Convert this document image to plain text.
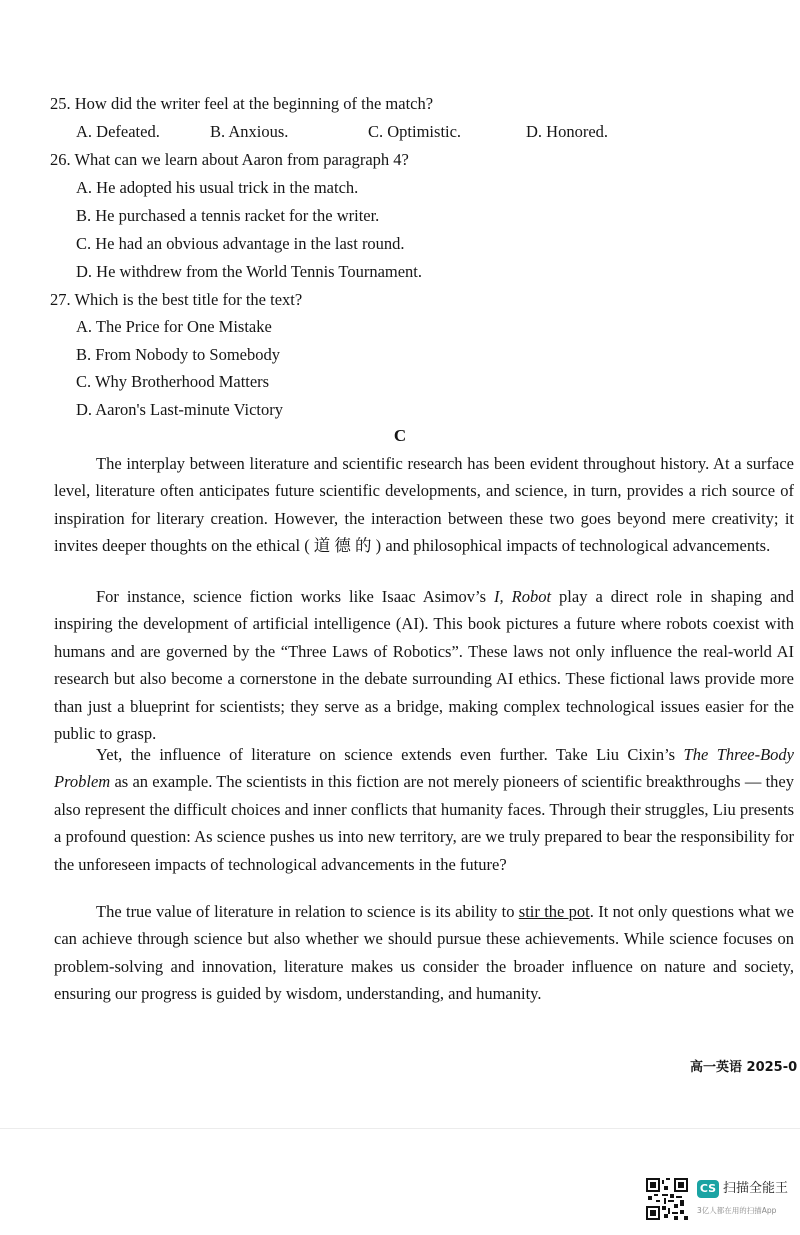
25. How did the writer feel at the beginning of the match?
A. Defeated.	B. Anxious.	C. Optimistic.	D. Honored.
26. What can we learn about Aaron from paragraph 4?
A. He adopted his usual trick in the match.
B. He purchased a tennis racket for the writer.
C. He had an obvious advantage in the last round.
D. He withdrew from the World Tennis Tournament.
27. Which is the best title for the text?
A. The Price for One Mistake
B. From Nobody to Somebody
C. Why Brotherhood Matters
D. Aaron's Last-minute Victory
C

The interplay between literature and scientific research has been evident throughout history. At a surface level, literature often anticipates future scientific developments, and science, in turn, provides a rich source of inspiration for literary creation. However, the interaction between these two goes beyond mere creativity; it invites deeper thoughts on the ethical ( 道 德 的 ) and philosophical impacts of technological advancements.

For instance, science fiction works like Isaac Asimov’s I, Robot play a direct role in shaping and inspiring the development of artificial intelligence (AI). This book pictures a future where robots coexist with humans and are governed by the “Three Laws of Robotics”. These laws not only influence the real-world AI research but also become a cornerstone in the debate surrounding AI ethics. These fictional laws provide more than just a blueprint for scientists; they serve as a bridge, making complex technological issues easier for the public to grasp.

Yet, the influence of literature on science extends even further. Take Liu Cixin’s The Three-Body Problem as an example. The scientists in this fiction are not merely pioneers of scientific breakthroughs — they also represent the difficult choices and inner conflicts that humanity faces. Through their struggles, Liu presents a profound question: As science pushes us into new territory, are we truly prepared to bear the responsibility for the unforeseen impacts of technological advancements in the future?

The true value of literature in relation to science is its ability to stir the pot. It not only questions what we can achieve through science but also whether we should pursue these achievements. While science focuses on problem-solving and innovation, literature makes us consider the broader influence on nature and society, ensuring our progress is guided by wisdom, understanding, and humanity.

高一英语 2025-0
CS 扫描全能王
3亿人都在用的扫描App
